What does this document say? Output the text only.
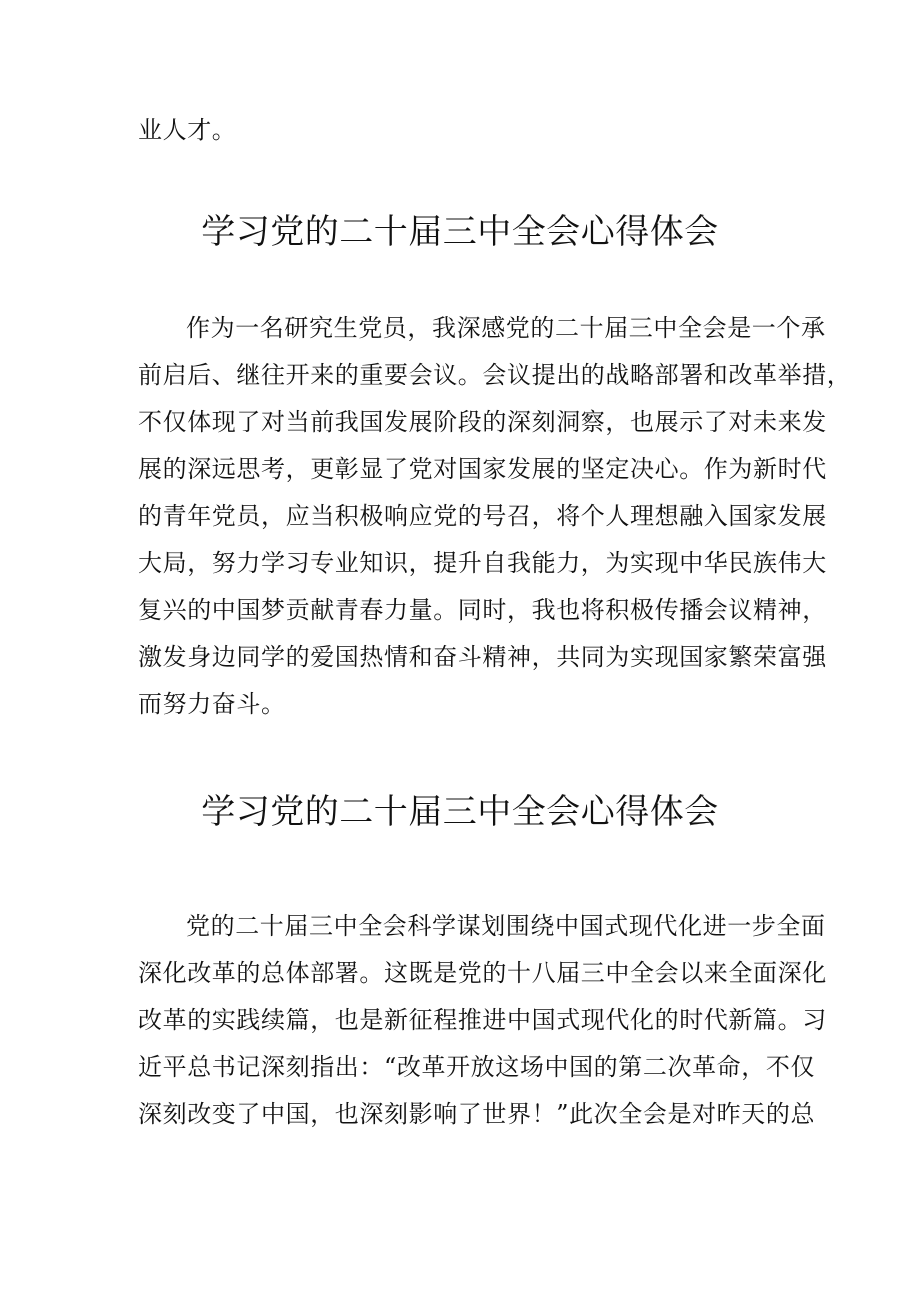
业人才。
学习党的二十届三中全会心得体会
作为一名研究生党员，我深感党的二十届三中全会是一个承
前启后、继往开来的重要会议。会议提出的战略部署和改革举措，
不仅体现了对当前我国发展阶段的深刻洞察，也展示了对未来发
展的深远思考，更彰显了党对国家发展的坚定决心。作为新时代
的青年党员，应当积极响应党的号召，将个人理想融入国家发展
大局，努力学习专业知识，提升自我能力，为实现中华民族伟大
复兴的中国梦贡献青春力量。同时，我也将积极传播会议精神，
激发身边同学的爱国热情和奋斗精神，共同为实现国家繁荣富强
而努力奋斗。
学习党的二十届三中全会心得体会
党的二十届三中全会科学谋划围绕中国式现代化进一步全面
深化改革的总体部署。这既是党的十八届三中全会以来全面深化
改革的实践续篇，也是新征程推进中国式现代化的时代新篇。习
近平总书记深刻指出：“改革开放这场中国的第二次革命，不仅
深刻改变了中国，也深刻影响了世界！”此次全会是对昨天的总
